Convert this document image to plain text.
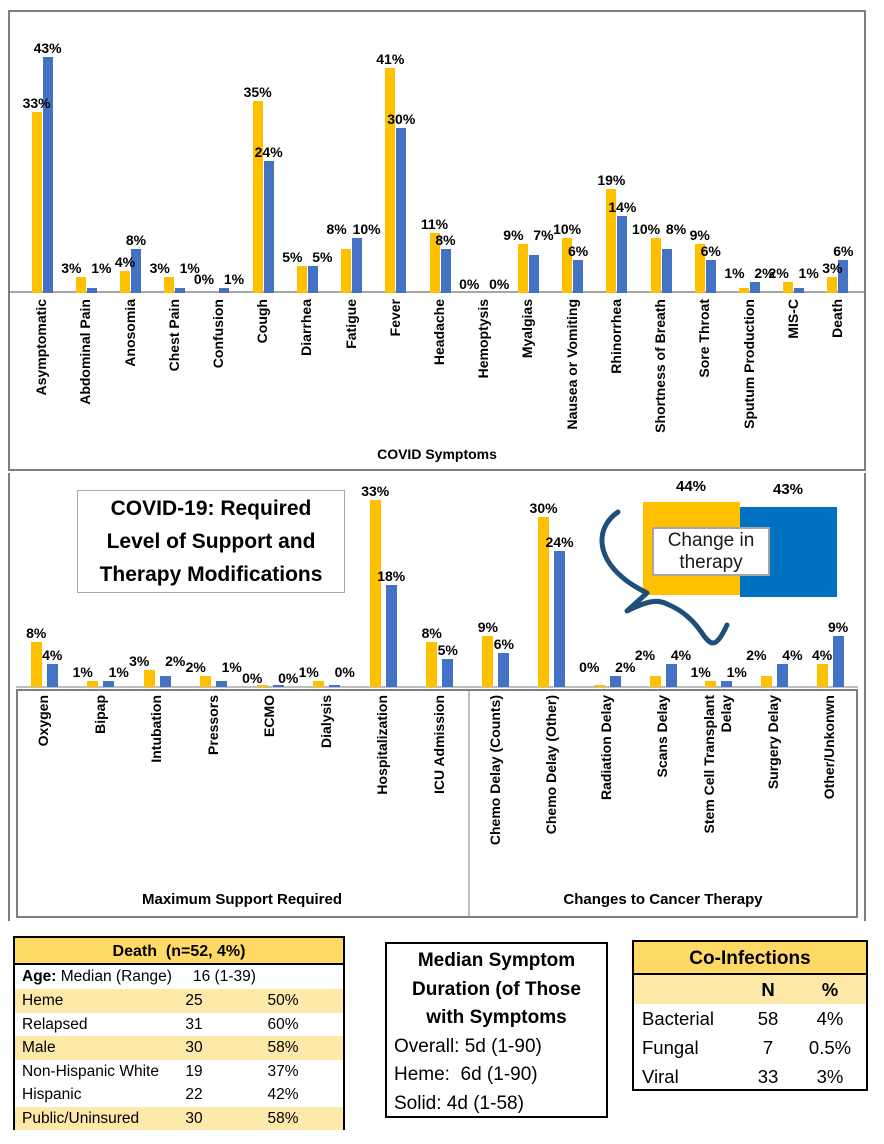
33%
43%
Asymptomatic
3% 1%
Abdominal Pain
4%
8%
Anosomia
3% 1%
Chest Pain
0% 1%
Confusion
35%
24%
Cough
5% 5%
Diarrhea
8% 10%
Fatigue
41%
30%
Fever
11%
8%
Headache
0% 0%
Hemoptysis
9% 7%
Myalgias
10%
6%
Nausea or Vomiting
19%
14%
Rhinorrhea
10% 8%
Shortness of Breath
9%
6%
Sore Throat
1% 2%
Sputum Production
2% 1%
MIS-C
3%
6%
Death
COVID Symptoms
Maximum Support Required	Changes to Cancer Therapy
8%
4%
Oxygen
1% 1%
Bipap
3% 2%
Intubation
2% 1%
Pressors
0% 0%
ECMO
1% 0%
Dialysis
33%
18%
Hospitalization
8%
5%
ICU Admission
9%
6%
Chemo Delay (Counts)
30%
24%
Chemo Delay (Other)
0% 2%
Radiation Delay
2% 4%
Scans Delay
1% 1%
Stem Cell Transplant Delay
2% 4%
Surgery Delay
4%
9%
Other/Unkonwn
COVID-19: Required
Level of Support and
Therapy Modifications
44%	43%
Change in
therapy
Death  (n=52, 4%)
Age: Median (Range) 16 (1-39)
Heme	25	50%
Relapsed	31	60%
Male	30	58%
Non-Hispanic White	19	37%
Hispanic	22	42%
Public/Uninsured	30	58%
Median Symptom
Duration (of Those
with Symptoms
Overall: 5d (1-90)
Heme:  6d (1-90)
Solid: 4d (1-58)
Co-Infections
N	%
Bacterial	58	4%
Fungal	7	0.5%
Viral	33	3%
